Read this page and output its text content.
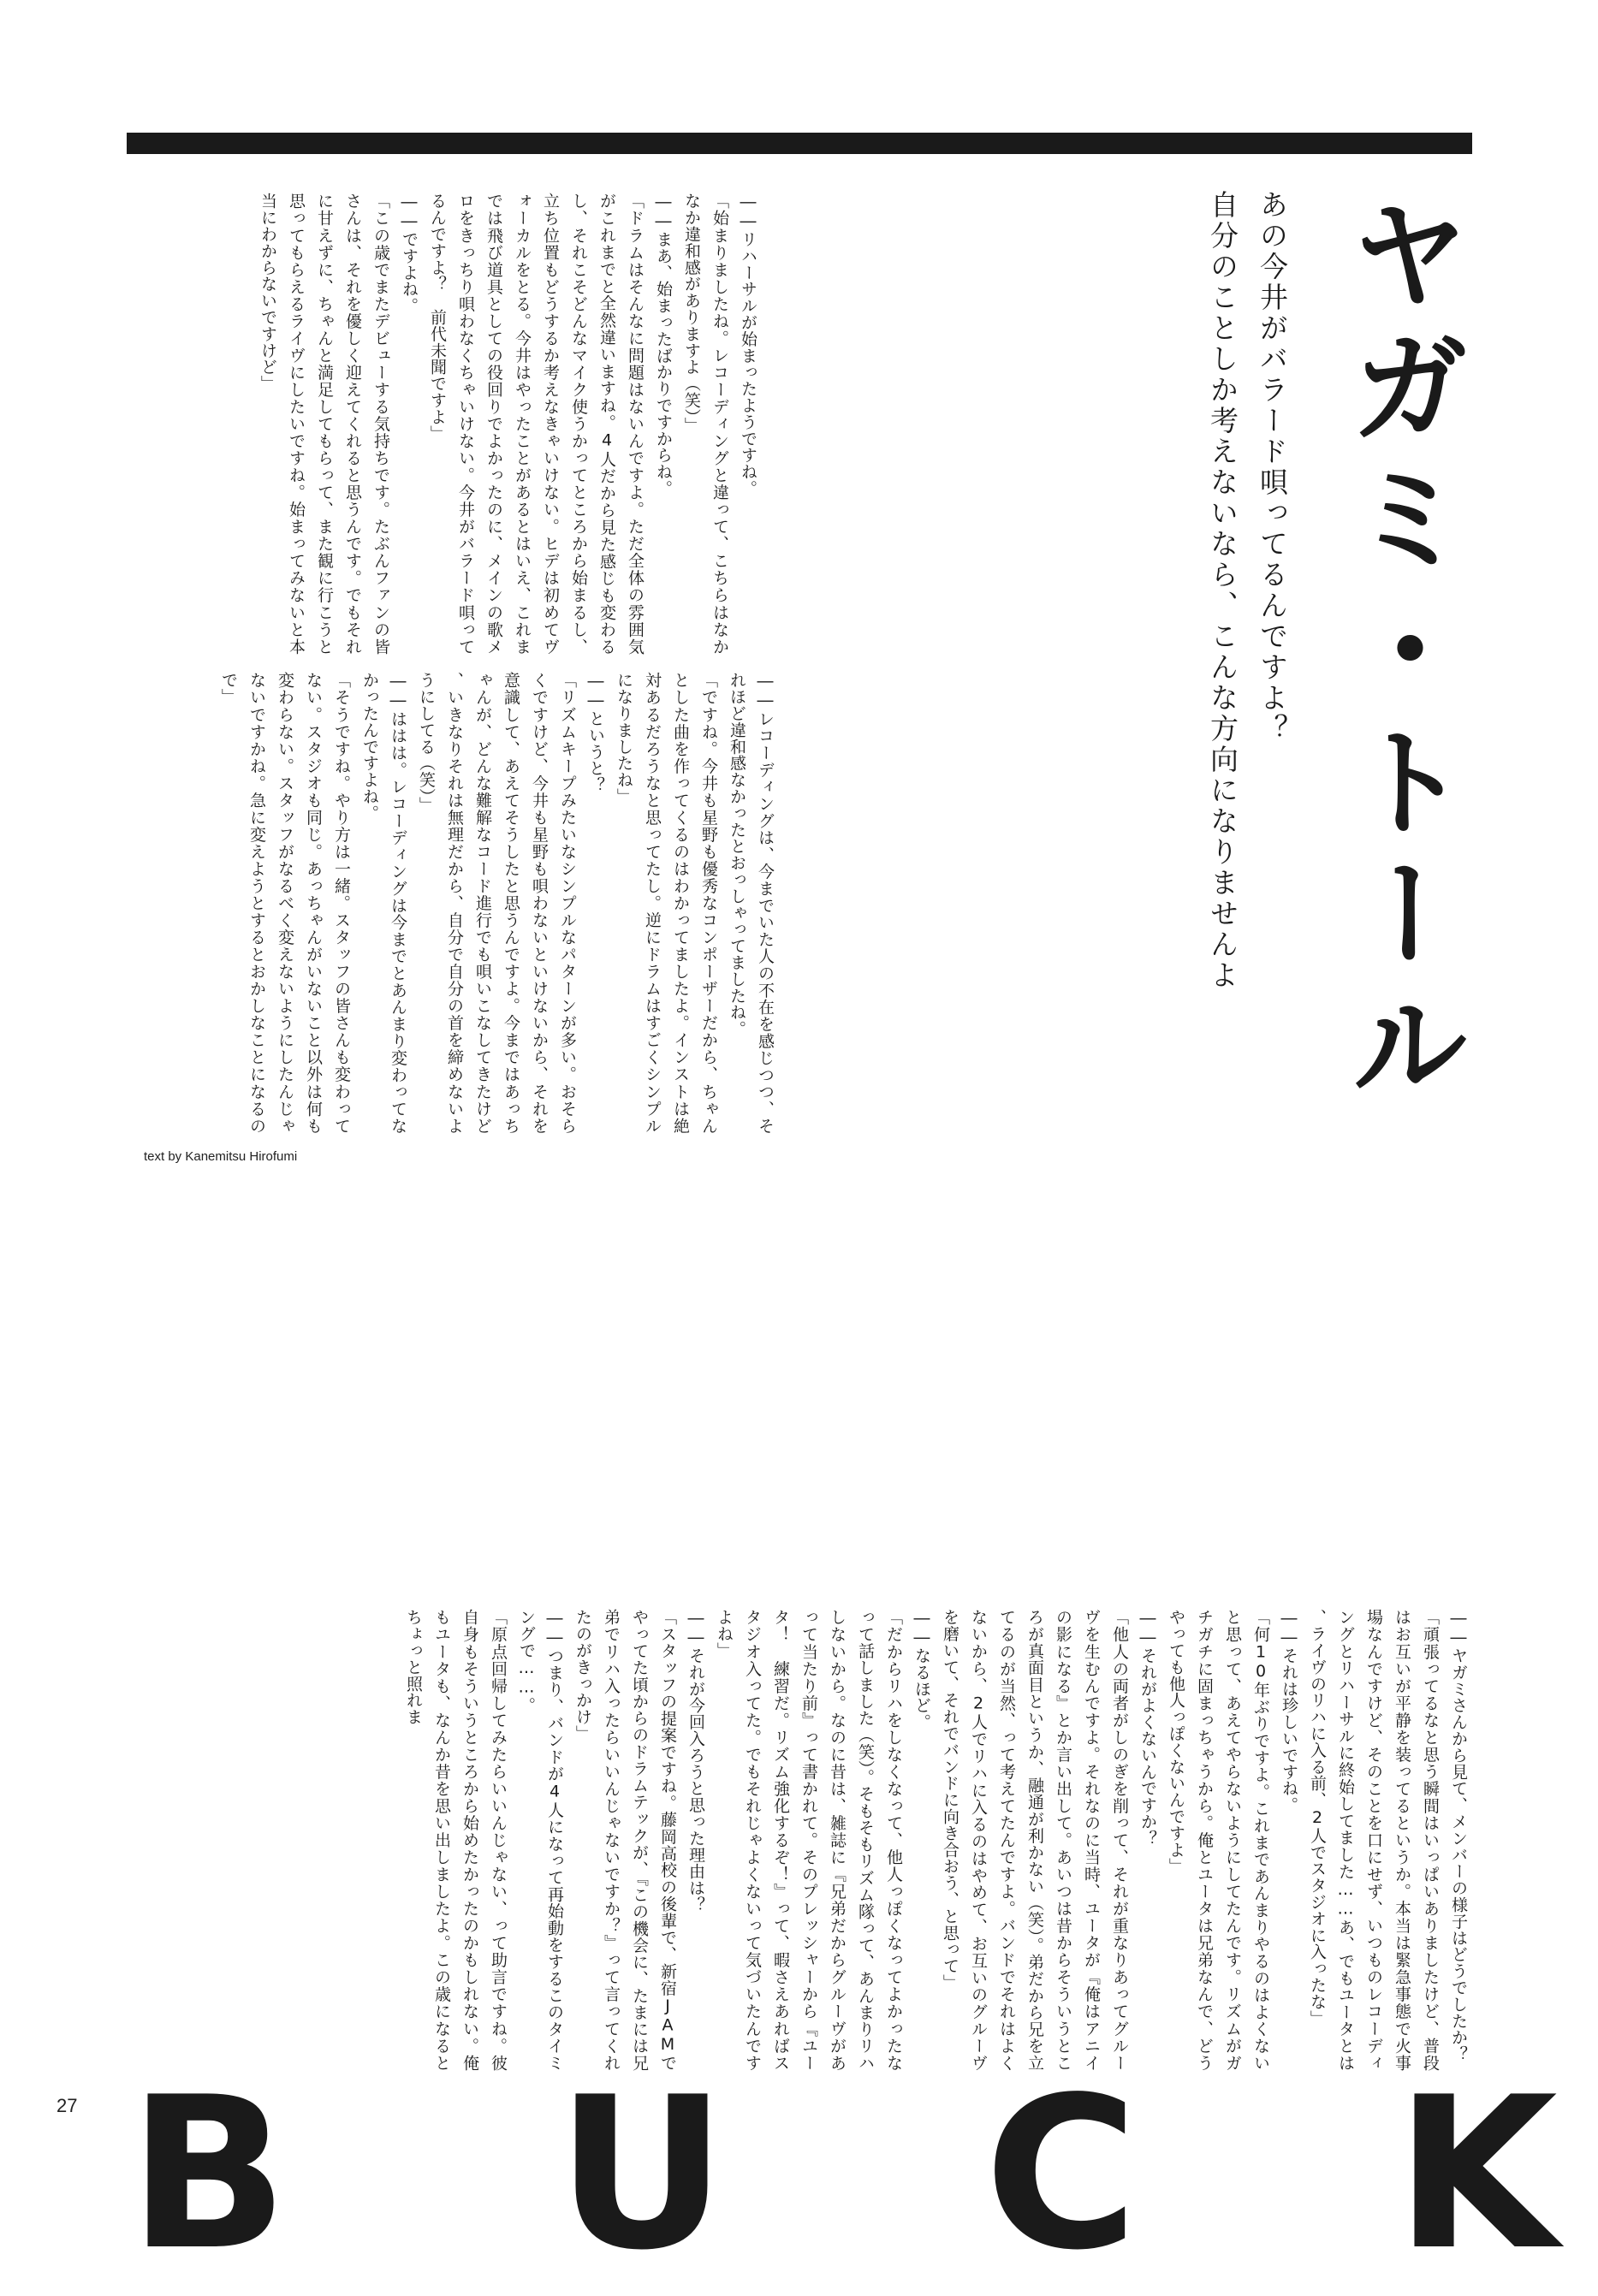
ヤガミ・トール
あの今井がバラード唄ってるんですよ？
自分のことしか考えないなら、こんな方向になりませんよ

――リハーサルが始まったようですね。

「始まりましたね。レコーディングと違って、こちらはなかなか違和感がありますよ（笑）」

――まあ、始まったばかりですからね。

「ドラムはそんなに問題はないんですよ。ただ全体の雰囲気がこれまでと全然違いますね。4人だから見た感じも変わるし、それこそどんなマイク使うかってところから始まるし、立ち位置もどうするか考えなきゃいけない。ヒデは初めてヴォーカルをとる。今井はやったことがあるとはいえ、これまでは飛び道具としての役回りでよかったのに、メインの歌メロをきっちり唄わなくちゃいけない。今井がバラード唄ってるんですよ？　前代未聞ですよ」

――ですよね。

「この歳でまたデビューする気持ちです。たぶんファンの皆さんは、それを優しく迎えてくれると思うんです。でもそれに甘えずに、ちゃんと満足してもらって、また観に行こうと思ってもらえるライヴにしたいですね。始まってみないと本当にわからないですけど」

――レコーディングは、今までいた人の不在を感じつつ、それほど違和感なかったとおっしゃってましたね。

「ですね。今井も星野も優秀なコンポーザーだから、ちゃんとした曲を作ってくるのはわかってましたよ。インストは絶対あるだろうなと思ってたし。逆にドラムはすごくシンプルになりましたね」

――というと？

「リズムキープみたいなシンプルなパターンが多い。おそらくですけど、今井も星野も唄わないといけないから、それを意識して、あえてそうしたと思うんですよ。今まではあっちゃんが、どんな難解なコード進行でも唄いこなしてきたけど、いきなりそれは無理だから、自分で自分の首を締めないようにしてる（笑）」

――ははは。レコーディングは今までとあんまり変わってなかったんですよね。

「そうですね。やり方は一緒。スタッフの皆さんも変わってない。スタジオも同じ。あっちゃんがいないこと以外は何も変わらない。スタッフがなるべく変えないようにしたんじゃないですかね。急に変えようとするとおかしなことになるので」

text by Kanemitsu Hirofumi

――ヤガミさんから見て、メンバーの様子はどうでしたか？

「頑張ってるなと思う瞬間はいっぱいありましたけど、普段はお互いが平静を装ってるというか。本当は緊急事態で火事場なんですけど、そのことを口にせず、いつものレコーディングとリハーサルに終始してました……あ、でもユータとは、ライヴのリハに入る前、2人でスタジオに入ったな」

――それは珍しいですね。

「何10年ぶりですよ。これまであんまりやるのはよくないと思って、あえてやらないようにしてたんです。リズムがガチガチに固まっちゃうから。俺とユータは兄弟なんで、どうやっても他人っぽくないんですよ」

――それがよくないんですか？

「他人の両者がしのぎを削って、それが重なりあってグルーヴを生むんですよ。それなのに当時、ユータが『俺はアニイの影になる』とか言い出して。あいつは昔からそういうところが真面目というか、融通が利かない（笑）。弟だから兄を立てるのが当然、って考えてたんですよ。バンドでそれはよくないから、2人でリハに入るのはやめて、お互いのグルーヴを磨いて、それでバンドに向き合おう、と思って」

――なるほど。

「だからリハをしなくなって、他人っぽくなってよかったなって話しました（笑）。そもそもリズム隊って、あんまりリハしないから。なのに昔は、雑誌に『兄弟だからグルーヴがあって当たり前』って書かれて。そのプレッシャーから『ユータ！　練習だ。リズム強化するぞ！』って、暇さえあればスタジオ入ってた。でもそれじゃよくないって気づいたんですよね」

――それが今回入ろうと思った理由は？

「スタッフの提案ですね。藤岡高校の後輩で、新宿JAMでやってた頃からのドラムテックが、『この機会に、たまには兄弟でリハ入ったらいいんじゃないですか？』って言ってくれたのがきっかけ」

――つまり、バンドが4人になって再始動をするこのタイミングで……。

「原点回帰してみたらいいんじゃない、って助言ですね。彼自身もそういうところから始めたかったのかもしれない。俺もユータも、なんか昔を思い出しましたよ。この歳になるとちょっと照れま

27 B U C K
